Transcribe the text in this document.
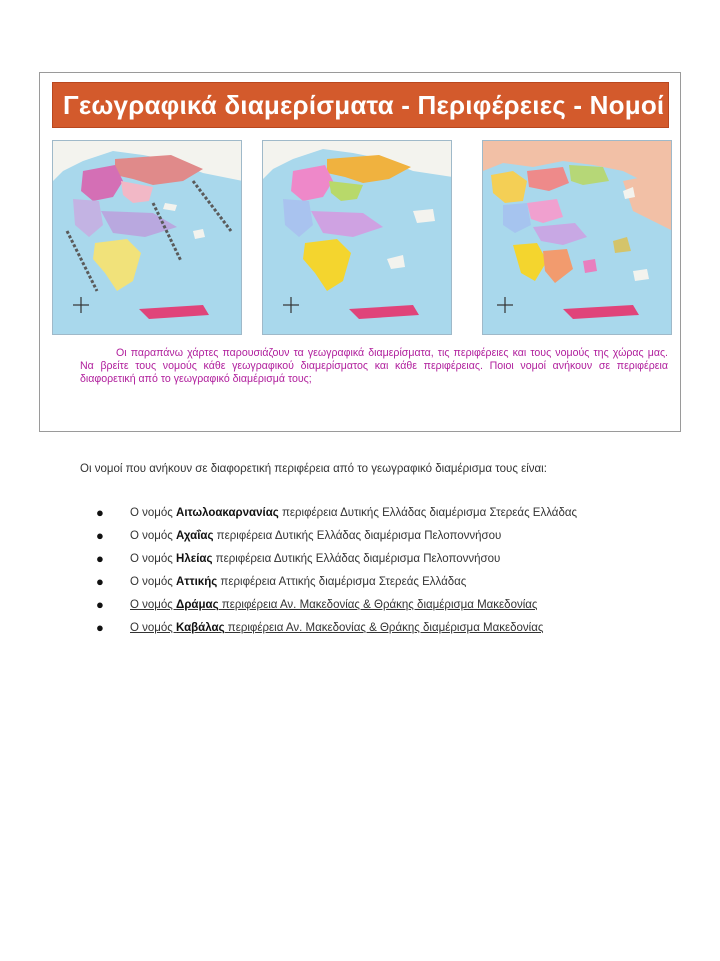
Γεωγραφικά διαμερίσματα - Περιφέρειες - Νομοί
Οι παραπάνω χάρτες παρουσιάζουν τα γεωγραφικά διαμερίσματα, τις περιφέρειες και τους νομούς της χώρας μας. Να βρείτε τους νομούς κάθε γεωγραφικού διαμερίσματος και κάθε περιφέρειας. Ποιοι νομοί ανήκουν σε περιφέρεια διαφορετική από το γεωγραφικό διαμέρισμά τους;
Οι νομοί που ανήκουν σε διαφορετική περιφέρεια από το γεωγραφικό διαμέρισμα τους είναι:
● Ο νομός Αιτωλοακαρνανίας περιφέρεια Δυτικής Ελλάδας διαμέρισμα Στερεάς Ελλάδας
● Ο νομός Αχαΐας περιφέρεια Δυτικής Ελλάδας διαμέρισμα Πελοποννήσου
● Ο νομός Ηλείας περιφέρεια Δυτικής Ελλάδας διαμέρισμα Πελοποννήσου
● Ο νομός Αττικής περιφέρεια Αττικής διαμέρισμα Στερεάς Ελλάδας
● Ο νομός Δράμας περιφέρεια Αν. Μακεδονίας & Θράκης διαμέρισμα Μακεδονίας
● Ο νομός Καβάλας περιφέρεια Αν. Μακεδονίας & Θράκης διαμέρισμα Μακεδονίας
